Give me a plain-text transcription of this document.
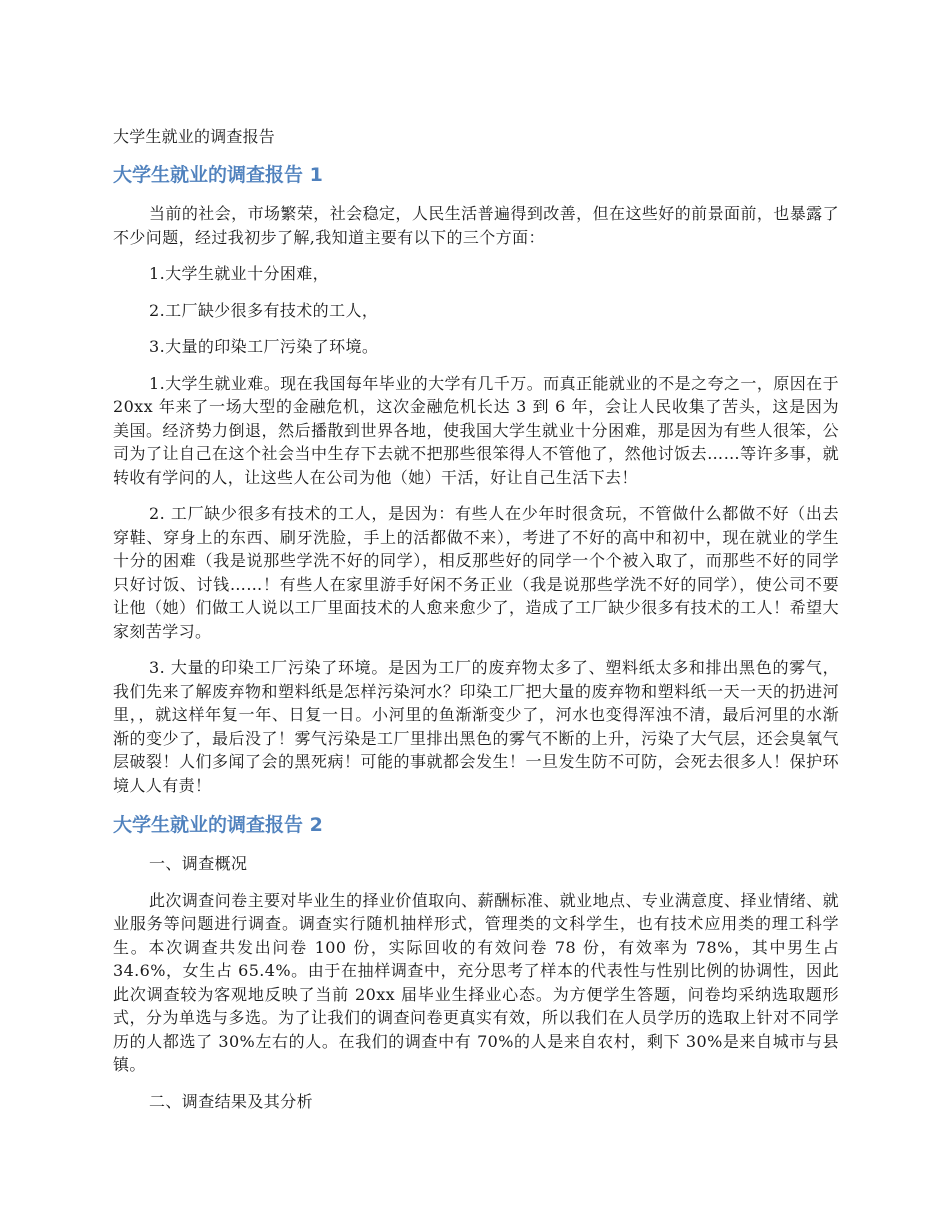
大学生就业的调查报告
大学生就业的调查报告 1

当前的社会，市场繁荣，社会稳定，人民生活普遍得到改善，但在这些好的前景面前，也暴露了不少问题，经过我初步了解,我知道主要有以下的三个方面：

1.大学生就业十分困难，

2.工厂缺少很多有技术的工人，

3.大量的印染工厂污染了环境。

1.大学生就业难。现在我国每年毕业的大学有几千万。而真正能就业的不是之夸之一，原因在于 20xx 年来了一场大型的金融危机，这次金融危机长达 3 到 6 年，会让人民收集了苦头，这是因为美国。经济势力倒退，然后播散到世界各地，使我国大学生就业十分困难，那是因为有些人很笨，公司为了让自己在这个社会当中生存下去就不把那些很笨得人不管他了，然他讨饭去……等许多事，就转收有学问的人，让这些人在公司为他（她）干活，好让自己生活下去！

2. 工厂缺少很多有技术的工人，是因为：有些人在少年时很贪玩，不管做什么都做不好（出去穿鞋、穿身上的东西、刷牙洗脸，手上的活都做不来），考进了不好的高中和初中，现在就业的学生十分的困难（我是说那些学洗不好的同学），相反那些好的同学一个个被入取了，而那些不好的同学只好讨饭、讨钱……！有些人在家里游手好闲不务正业（我是说那些学洗不好的同学），使公司不要让他（她）们做工人说以工厂里面技术的人愈来愈少了，造成了工厂缺少很多有技术的工人！希望大家刻苦学习。

3. 大量的印染工厂污染了环境。是因为工厂的废弃物太多了、塑料纸太多和排出黑色的雾气，我们先来了解废弃物和塑料纸是怎样污染河水？印染工厂把大量的废弃物和塑料纸一天一天的扔进河里，，就这样年复一年、日复一日。小河里的鱼渐渐变少了，河水也变得浑浊不清，最后河里的水渐渐的变少了，最后没了！雾气污染是工厂里排出黑色的雾气不断的上升，污染了大气层，还会臭氧气层破裂！人们多闻了会的黑死病！可能的事就都会发生！一旦发生防不可防，会死去很多人！保护环境人人有责！

大学生就业的调查报告 2

一、调查概况

此次调查问卷主要对毕业生的择业价值取向、薪酬标准、就业地点、专业满意度、择业情绪、就业服务等问题进行调查。调查实行随机抽样形式，管理类的文科学生，也有技术应用类的理工科学生。本次调查共发出问卷 100 份，实际回收的有效问卷 78 份，有效率为 78%，其中男生占 34.6%，女生占 65.4%。由于在抽样调查中，充分思考了样本的代表性与性别比例的协调性，因此此次调查较为客观地反映了当前 20xx 届毕业生择业心态。为方便学生答题，问卷均采纳选取题形式，分为单选与多选。为了让我们的调查问卷更真实有效，所以我们在人员学历的选取上针对不同学历的人都选了 30%左右的人。在我们的调查中有 70%的人是来自农村，剩下 30%是来自城市与县镇。

二、调查结果及其分析
